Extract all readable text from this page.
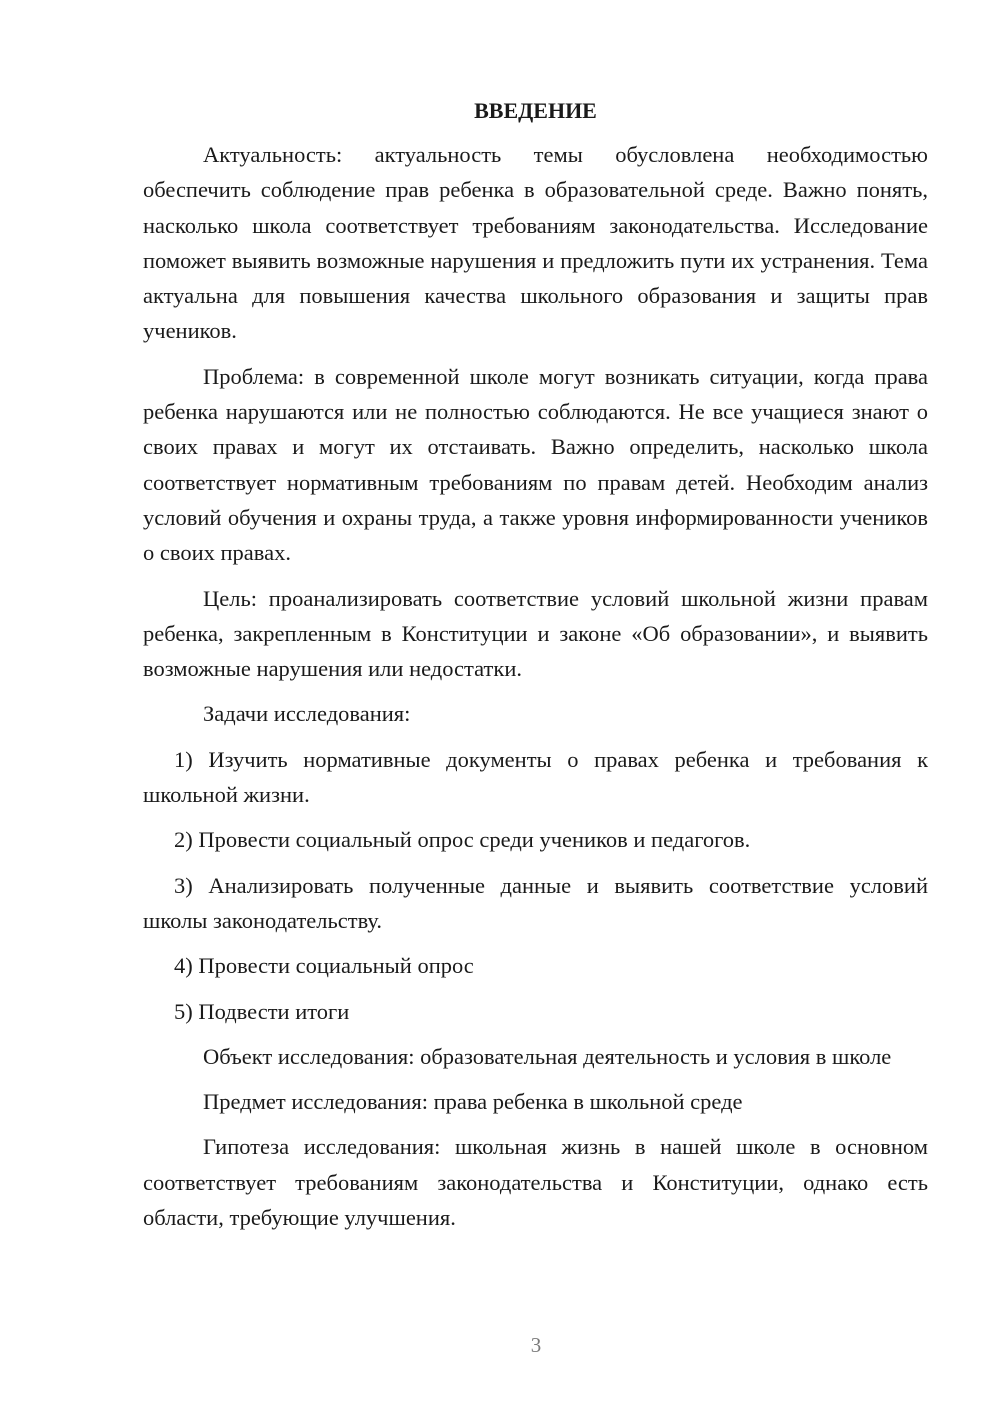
ВВЕДЕНИЕ

Актуальность: актуальность темы обусловлена необходимостью обеспечить соблюдение прав ребенка в образовательной среде. Важно понять, насколько школа соответствует требованиям законодательства. Исследование поможет выявить возможные нарушения и предложить пути их устранения. Тема актуальна для повышения качества школьного образования и защиты прав учеников.

Проблема: в современной школе могут возникать ситуации, когда права ребенка нарушаются или не полностью соблюдаются. Не все учащиеся знают о своих правах и могут их отстаивать. Важно определить, насколько школа соответствует нормативным требованиям по правам детей. Необходим анализ условий обучения и охраны труда, а также уровня информированности учеников о своих правах.

Цель: проанализировать соответствие условий школьной жизни правам ребенка, закрепленным в Конституции и законе «Об образовании», и выявить возможные нарушения или недостатки.

Задачи исследования:

1) Изучить нормативные документы о правах ребенка и требования к школьной жизни.

2) Провести социальный опрос среди учеников и педагогов.

3) Анализировать полученные данные и выявить соответствие условий школы законодательству.

4) Провести социальный опрос

5) Подвести итоги

Объект исследования: образовательная деятельность и условия в школе

Предмет исследования: права ребенка в школьной среде

Гипотеза исследования: школьная жизнь в нашей школе в основном соответствует требованиям законодательства и Конституции, однако есть области, требующие улучшения.

3
